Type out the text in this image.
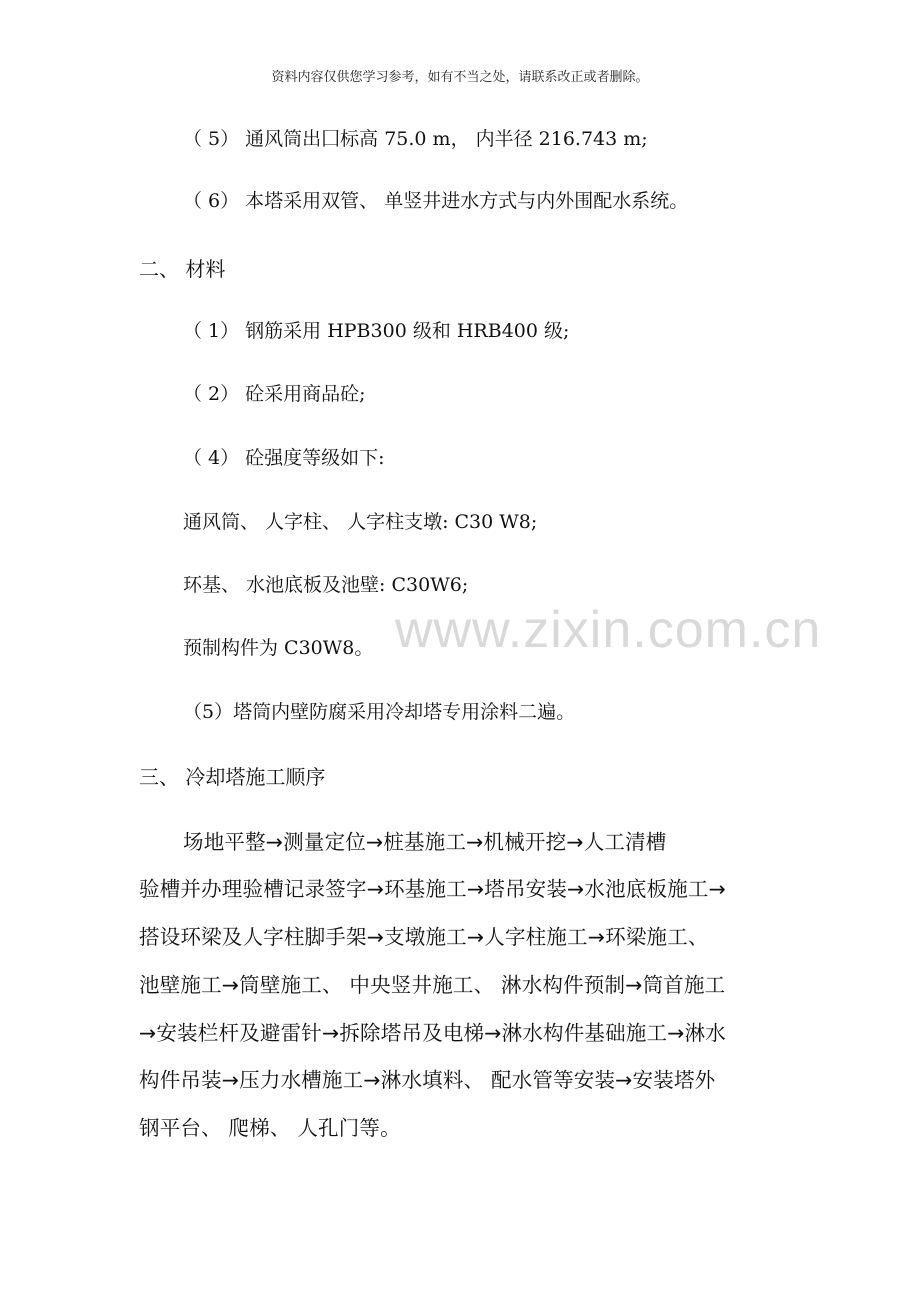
资料内容仅供您学习参考，如有不当之处，请联系改正或者删除。
www.zixin.com.cn
（ 5） 通风筒出囗标高 75.0 m， 内半径 216.743 m;
（ 6） 本塔采用双管、 单竖井进水方式与内外围配水系统。
二、 材料
（ 1） 钢筋采用 HPB300 级和 HRB400 级;
（ 2） 砼采用商品砼;
（ 4） 砼强度等级如下:
通风筒、 人字柱、 人字柱支墩: C30 W8;
环基、 水池底板及池壁: C30W6;
预制构件为 C30W8。
（5）塔筒内壁防腐采用冷却塔专用涂料二遍。
三、 冷却塔施工顺序
场地平整→测量定位→桩基施工→机械开挖→人工清槽
验槽并办理验槽记录签字→环基施工→塔吊安装→水池底板施工→
搭设环梁及人字柱脚手架→支墩施工→人字柱施工→环梁施工、
池壁施工→筒壁施工、 中央竖井施工、 淋水构件预制→筒首施工
→安装栏杆及避雷针→拆除塔吊及电梯→淋水构件基础施工→淋水
构件吊装→压力水槽施工→淋水填料、 配水管等安装→安装塔外
钢平台、 爬梯、 人孔门等。
